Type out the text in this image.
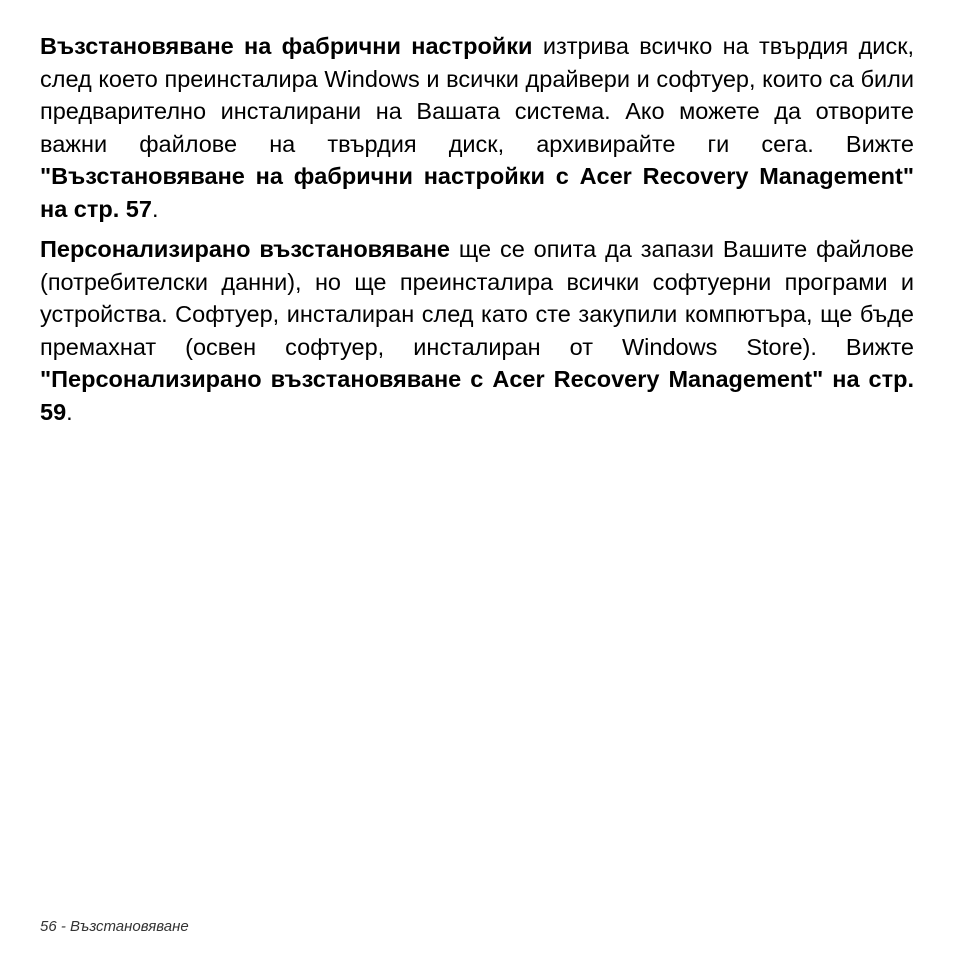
Възстановяване на фабрични настройки изтрива всичко на твърдия диск, след което преинсталира Windows и всички драйвери и софтуер, които са били предварително инсталирани на Вашата система. Ако можете да отворите важни файлове на твърдия диск, архивирайте ги сега. Вижте "Възстановяване на фабрични настройки с Acer Recovery Management" на стр. 57.

Персонализирано възстановяване ще се опита да запази Вашите файлове (потребителски данни), но ще преинсталира всички софтуерни програми и устройства. Софтуер, инсталиран след като сте закупили компютъра, ще бъде премахнат (освен софтуер, инсталиран от Windows Store). Вижте "Персонализирано възстановяване с Acer Recovery Management" на стр. 59.

56 - Възстановяване
